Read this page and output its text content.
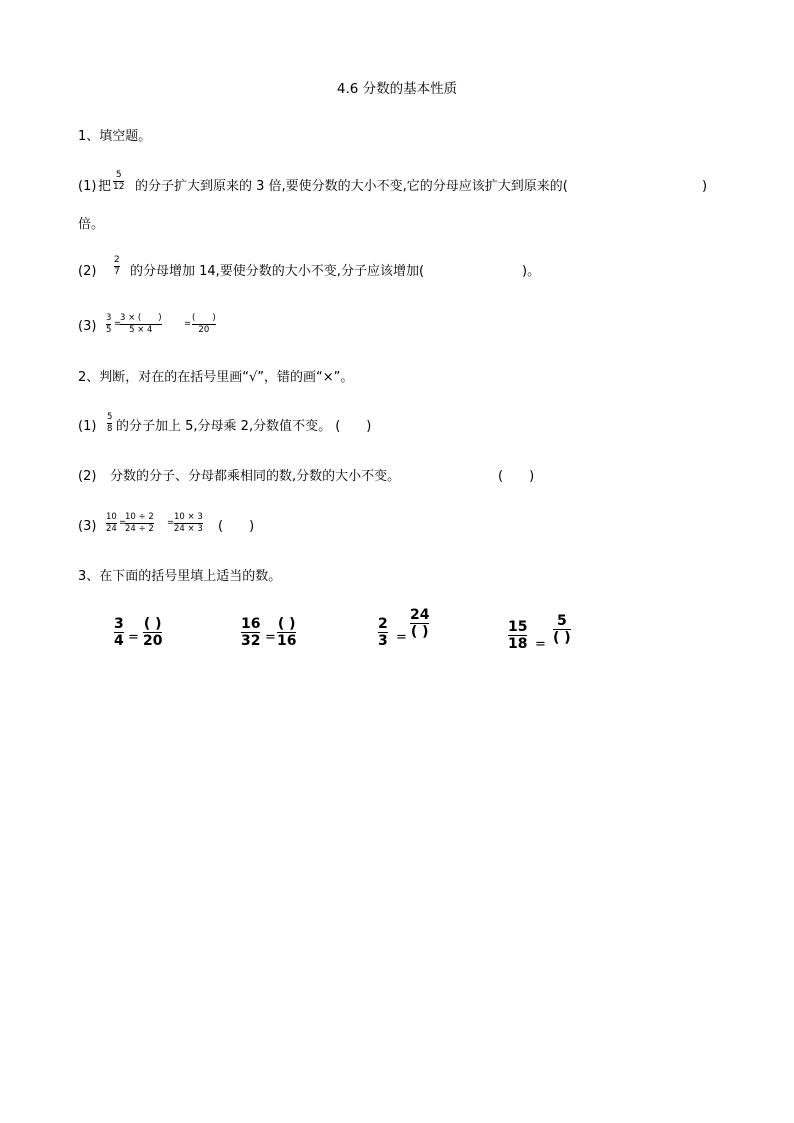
4.6 分数的基本性质
1、填空题。
(1) 把
5
12 的分子扩大到原来的 3 倍,要使分数的大小不变,它的分母应该扩大到原来的(	)
倍。
(2)
2
7 的分母增加 14,要使分数的大小不变,分子应该增加(	)。
(3)
3
5
=
3 × (　　)
5 × 4
=
(　　)
20
2、判断，对在的在括号里画“√”，错的画“×”。
(1)
5
8 的分子加上 5,分母乘 2,分数值不变。 (　　)
(2) 分数的分子、分母都乘相同的数,分数的大小不变。	(　　)
(3)
10
24
=
10 ÷ 2
24 ÷ 2
=
10 × 3
24 × 3 (　　)
3、在下面的括号里填上适当的数。
3
4 =
( )
20
16
32 =
( )
16
2
3 =
24
( )	15
18 =
5
( )
